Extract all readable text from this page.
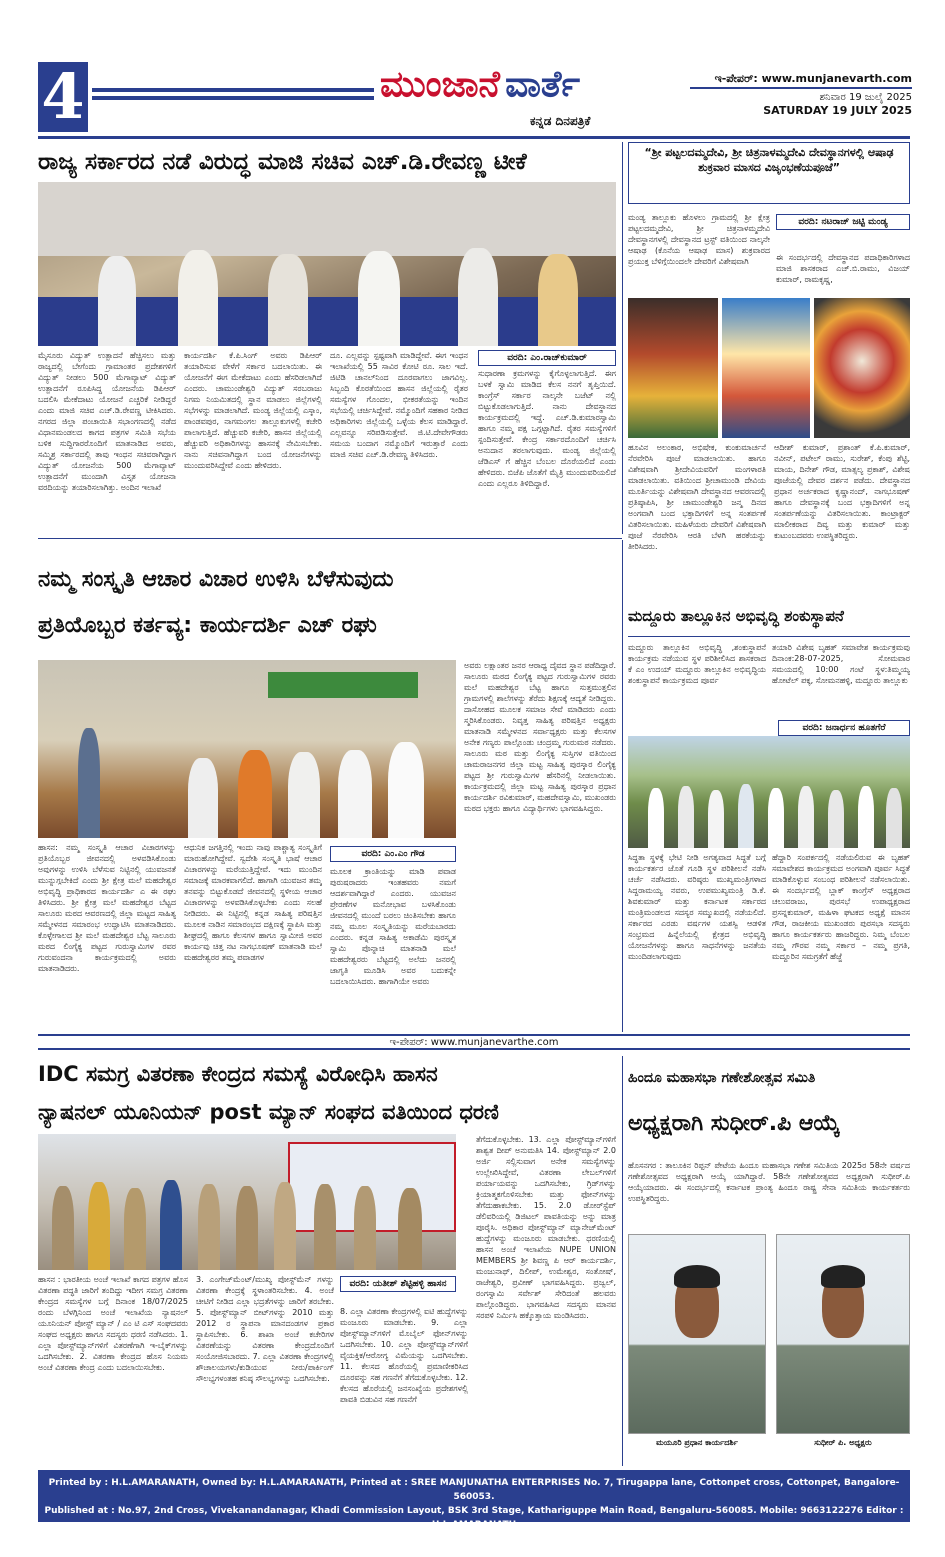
4	ಮುಂಜಾನೆ ವಾರ್ತೆ
ಕನ್ನಡ ದಿನಪತ್ರಿಕೆ
ಇ-ಪೇಪರ್: www.munjanevarth.com
ಶನಿವಾರ 19 ಜುಲೈ 2025
SATURDAY 19 JULY 2025
ರಾಜ್ಯ ಸರ್ಕಾರದ ನಡೆ ವಿರುದ್ಧ ಮಾಜಿ ಸಚಿವ ಎಚ್.ಡಿ.ರೇವಣ್ಣ ಟೀಕೆ
ಮೈಸೂರು ವಿದ್ಯುತ್ ಉತ್ಪಾದನೆ ಹೆಚ್ಚಿಸಲು ಮತ್ತು ರಾಜ್ಯದಲ್ಲಿ ಬೇಗೆಂದು ಗ್ರಾಮಾಂತರ ಪ್ರದೇಶಗಳಿಗೆ ವಿದ್ಯುತ್ ನೀಡಲು 500 ಮೆಗಾವ್ಯಾಟ್ ವಿದ್ಯುತ್ ಉತ್ಪಾದನೆಗೆ ರೂಪಿಸಿದ್ದ ಯೋಜನೆಯ ಡಿಪಿಆರ್ ಬದಲಿಸಿ ಮೇಕೆದಾಟು ಯೋಜನೆ ಎಚ್ಚರಿಕೆ ನೀಡಿದ್ದರೆ ಎಂದು ಮಾಜಿ ಸಚಿವ ಎಚ್.ಡಿ.ರೇವಣ್ಣ ಟೀಕಿಸಿದರು. ನಗರದ ಜಿಲ್ಲಾ ಪಂಚಾಯಿತಿ ಸಭಾಂಗಣದಲ್ಲಿ ನಡೆದ ವಿಧಾನಮಂಡಲದ ಕಾಗದ ಪತ್ರಗಳ ಸಮಿತಿ ಸಭೆಯ ಬಳಿಕ ಸುದ್ದಿಗಾರರೊಂದಿಗೆ ಮಾತನಾಡಿದ ಅವರು, ಸಮ್ಮಿಶ್ರ ಸರ್ಕಾರದಲ್ಲಿ ತಾವು ಇಂಧನ ಸಚಿವರಾಗಿದ್ದಾಗ ವಿದ್ಯುತ್ ಯೋಜನೆಯ 500 ಮೆಗಾವ್ಯಾಟ್ ಉತ್ಪಾದನೆಗೆ ಮುಂದಾಗಿ ವಿಸ್ತೃತ ಯೋಜನಾ ವರದಿಯನ್ನು ತಯಾರಿಸಲಾಗಿತ್ತು. ಅಂದಿನ ಇಲಾಖೆ
ಕಾರ್ಯದರ್ಶಿ ಕೆ.ಪಿ.ಸಿಂಗ್ ಅವರು ಡಿಪಿಆರ್ ತಯಾರಿಸುವ ವೇಳೆಗೆ ಸರ್ಕಾರ ಬದಲಾಯಿತು. ಈ ಯೋಜನೆಗೆ ಈಗ ಮೇಕೆದಾಟು ಎಂದು ಹೆಸರಿಡಲಾಗಿದೆ ಎಂದರು. ಚಾಮುಂಡೇಶ್ವರಿ ವಿದ್ಯುತ್ ಸರಬರಾಜು ನಿಗಮ ನಿಯಮಿತದಲ್ಲಿ ಸ್ಥಾನ ಮಾಡಲು ಜಿಲ್ಲೆಗಳಲ್ಲಿ ಸಭೆಗಳನ್ನು ಮಾಡಲಾಗಿದೆ. ಮಂಡ್ಯ ಜಿಲ್ಲೆಯಲ್ಲಿ ಎಸ್ಕಾಂ, ಪಾಂಡವಪುರ, ನಾಗಮಂಗಲ ತಾಲ್ಲೂಕುಗಳಲ್ಲಿ ಕಚೇರಿ ಪಾಲಾಗುತ್ತಿದೆ. ಹೆಚ್ಚುವರಿ ಕಚೇರಿ, ಹಾಸನ ಜಿಲ್ಲೆಯಲ್ಲಿ ಹೆಚ್ಚುವರಿ ಅಧಿಕಾರಿಗಳನ್ನು ಹಾಸನಕ್ಕೆ ನೇಮಿಸಬೇಕು. ನಾನು ಸಚಿವನಾಗಿದ್ದಾಗ ಬಂದ ಯೋಜನೆಗಳನ್ನು ಮುಂದುವರಿಸಿದ್ದೇವೆ ಎಂದು ಹೇಳಿದರು.
ದೂ. ಎಲ್ಲವನ್ನು ಸ್ಪಷ್ಟವಾಗಿ ಮಾಡಿದ್ದೇವೆ. ಈಗ ಇಂಧನ ಇಲಾಖೆಯಲ್ಲಿ 55 ಸಾವಿರ ಕೋಟಿ ರೂ. ಸಾಲ ಇದೆ. ಜಿಟಿಡಿ ಚಾನಲ್‌ನಿಂದ ದೂರವಾಗಲು ಜಾಗವಿಲ್ಲ. ಸಿಬ್ಬಂದಿ ಕೊರತೆಯಿಂದ ಹಾಸನ ಜಿಲ್ಲೆಯಲ್ಲಿ ರೈತರ ಸಮಸ್ಯೆಗಳ ಗೊಂದಲ, ಭೀಕರತೆಯನ್ನು ಇಂದಿನ ಸಭೆಯಲ್ಲಿ ಚರ್ಚಿಸಿದ್ದೇವೆ. ನಮ್ಮೊಂದಿಗೆ ಸಹಕಾರ ನೀಡಿದ ಅಧಿಕಾರಿಗಳು ಜಿಲ್ಲೆಯಲ್ಲಿ ಒಳ್ಳೆಯ ಕೆಲಸ ಮಾಡಿದ್ದಾರೆ. ಎಲ್ಲವನ್ನೂ ಸರಿಪಡಿಸುತ್ತೇವೆ. ಜಿ.ಟಿ.ದೇವೇಗೌಡರು ಸಮಯ ಬಂದಾಗ ನಮ್ಮೊಂದಿಗೆ ಇರುತ್ತಾರೆ ಎಂದು ಮಾಜಿ ಸಚಿವ ಎಚ್.ಡಿ.ರೇವಣ್ಣ ತಿಳಿಸಿದರು.
ವರದಿ: ಎಂ.ರಾಜ್‌ಕುಮಾರ್
ಸುಧಾರಣಾ ಕ್ರಮಗಳನ್ನು ಕೈಗೊಳ್ಳಲಾಗುತ್ತಿದೆ. ಈಗ ಬಳಕೆ ಸ್ವಾಮಿ ಮಾಡಿದ ಕೆಲಸ ನನಗೆ ತೃಪ್ತಿಯಿದೆ. ಕಾಂಗ್ರೆಸ್ ಸರ್ಕಾರ ನಾಲ್ಕನೇ ಬಜೆಟ್ ನಲ್ಲಿ ಬಿಟ್ಟುಕೊಡಲಾಗುತ್ತಿದೆ. ನಾನು ದೇವಸ್ಥಾನದ ಕಾರ್ಯಕ್ರಮದಲ್ಲಿ ಇದ್ದೆ. ಎಚ್.ಡಿ.ಕುಮಾರಸ್ವಾಮಿ ಹಾಗೂ ನಮ್ಮ ಪಕ್ಷ ಒಗ್ಗಟ್ಟಾಗಿದೆ. ರೈತರ ಸಮಸ್ಯೆಗಳಿಗೆ ಸ್ಪಂದಿಸುತ್ತೇವೆ. ಕೇಂದ್ರ ಸರ್ಕಾರದೊಂದಿಗೆ ಚರ್ಚಿಸಿ ಅನುದಾನ ತರಲಾಗುವುದು. ಮಂಡ್ಯ ಜಿಲ್ಲೆಯಲ್ಲಿ ಜೆಡಿಎಸ್ ಗೆ ಹೆಚ್ಚಿನ ಬೆಂಬಲ ದೊರೆಯಲಿದೆ ಎಂದು ಹೇಳಿದರು. ಬಿಜೆಪಿ ಜೊತೆಗೆ ಮೈತ್ರಿ ಮುಂದುವರಿಯಲಿದೆ ಎಂದು ಎಲ್ಲರೂ ತಿಳಿದಿದ್ದಾರೆ.
“ಶ್ರೀ ಪಟ್ಟಲದಮ್ಮದೇವಿ, ಶ್ರೀ ಚಿತ್ರನಾಳಮ್ಮದೇವಿ ದೇವಸ್ಥಾನಗಳಲ್ಲಿ ಆಷಾಢ ಶುಕ್ರವಾರ ಮಾಸದ ವಿಜೃಂಭಣೆಯಪೂಜೆ”
ಮಂಡ್ಯ ತಾಲ್ಲೂಕು ಹೊಳಲು ಗ್ರಾಮದಲ್ಲಿ ಶ್ರೀ ಕ್ಷೇತ್ರ ಪಟ್ಟಲದಮ್ಮದೇವಿ, ಶ್ರೀ ಚಿತ್ರನಾಳಮ್ಮದೇವಿ ದೇವಸ್ಥಾನಗಳಲ್ಲಿ ದೇವಸ್ಥಾನದ ಟ್ರಸ್ಟ್ ವತಿಯಿಂದ ನಾಲ್ಕನೇ ಆಷಾಢ (ಕೊನೆಯ ಆಷಾಢ ಮಾಸ) ಶುಕ್ರವಾರದ ಪ್ರಯುಕ್ತ ಬೆಳಿಗ್ಗೆಯಿಂದಲೇ ದೇವರಿಗೆ ವಿಶೇಷವಾಗಿ
ವರದಿ: ನಟರಾಜ್ ಜಟ್ಟಿ ಮಂಡ್ಯ
ಈ ಸಂದರ್ಭದಲ್ಲಿ ದೇವಸ್ಥಾನದ ಪದಾಧಿಕಾರಿಗಳಾದ ಮಾಜಿ ಶಾಸಕರಾದ ಎಚ್.ಬಿ.ರಾಮು, ವಿಜಯ್ ಕುಮಾರ್, ರಾಮಕೃಷ್ಣ,
ಹೂವಿನ ಅಲಂಕಾರ, ಅಭಿಷೇಕ, ಕುಂಕುಮಾರ್ಚನೆ ನೆರವೇರಿಸಿ ಪೂಜೆ ಮಾಡಲಾಯಿತು. ಹಾಗೂ ವಿಶೇಷವಾಗಿ ಶ್ರೀದೇವಿಯವರಿಗೆ ಮಂಗಳಾರತಿ ಮಾಡಲಾಯಿತು. ವತಿಯಿಂದ ಶ್ರೀಚಾಮುಂಡಿ ದೇವಿಯ ಮೂರ್ತಿಯನ್ನು ವಿಶೇಷವಾಗಿ ದೇವಸ್ಥಾನದ ಆವರಣದಲ್ಲಿ ಪ್ರತಿಷ್ಠಾಪಿಸಿ, ಶ್ರೀ ಚಾಮುಂಡೇಶ್ವರಿ ಜನ್ಮ ದಿನದ ಅಂಗವಾಗಿ ಬಂದ ಭಕ್ತಾದಿಗಳಿಗೆ ಅನ್ನ ಸಂತರ್ಪಣೆ ವಿತರಿಸಲಾಯಿತು. ಮಹಿಳೆಯರು ದೇವರಿಗೆ ವಿಶೇಷವಾಗಿ ಪೂಜೆ ನೆರವೇರಿಸಿ ಆರತಿ ಬೆಳಗಿ ಹರಕೆಯನ್ನು ತೀರಿಸಿದರು.
ಆದೀಶ್ ಕುಮಾರ್, ಪ್ರಶಾಂತ್ ಕೆ.ಪಿ.ಕುಮಾರ್, ನವೀನ್, ಪಟೇಲ್ ರಾಮು, ಸುರೇಶ್, ಕೆಂಪು ಶೆಟ್ಟಿ, ಮಾಯ, ದಿನೇಶ್ ಗೌಡ, ಮಾತ್ಸಲ್ಯ ಪ್ರಕಾಶ್, ವಿಶೇಷ ಪೂಜೆಯಲ್ಲಿ ದೇವರ ದರ್ಶನ ಪಡೆದು. ದೇವಸ್ಥಾನದ ಪ್ರಧಾನ ಅರ್ಚಕರಾದ ಕೃಷ್ಣಾನಂದ್, ನಾಗಭೂಷಣ್ ಹಾಗೂ ದೇವಸ್ಥಾನಕ್ಕೆ ಬಂದ ಭಕ್ತಾದಿಗಳಿಗೆ ಅನ್ನ ಸಂತರ್ಪಣೆಯನ್ನು ವಿತರಿಸಲಾಯಿತು. ಕಾಂಟ್ರಾಕ್ಟರ್ ಮಾಲೀಕರಾದ ದಿವ್ಯ ಮತ್ತು ಕುಮಾರ್ ಮತ್ತು ಕುಟುಂಬದವರು ಉಪಸ್ಥಿತರಿದ್ದರು.
ನಮ್ಮ ಸಂಸ್ಕೃತಿ ಆಚಾರ ವಿಚಾರ ಉಳಿಸಿ ಬೆಳೆಸುವುದು
ಪ್ರತಿಯೊಬ್ಬರ ಕರ್ತವ್ಯ: ಕಾರ್ಯದರ್ಶಿ ಎಚ್ ರಘು
ಹಾಸನ: ನಮ್ಮ ಸಂಸ್ಕೃತಿ ಆಚಾರ ವಿಚಾರಗಳನ್ನು ಪ್ರತಿಯೊಬ್ಬರ ಜೀವನದಲ್ಲಿ ಅಳವಡಿಸಿಕೊಂಡು ಅವುಗಳನ್ನು ಉಳಿಸಿ ಬೆಳೆಸುವ ನಿಟ್ಟಿನಲ್ಲಿ ಯುವಜನತೆ ಮುನ್ನುಗ್ಗಬೇಕಿದೆ ಎಂದು ಶ್ರೀ ಕ್ಷೇತ್ರ ಮಲೆ ಮಹದೇಶ್ವರ ಅಭಿವೃದ್ಧಿ ಪ್ರಾಧಿಕಾರದ ಕಾರ್ಯದರ್ಶಿ ಎ ಈ ರಘು ತಿಳಿಸಿದರು. ಶ್ರೀ ಕ್ಷೇತ್ರ ಮಲೆ ಮಹದೇಶ್ವರ ಬೆಟ್ಟದ ಸಾಲೂರು ಮಠದ ಆವರಣದಲ್ಲಿ ಜಿಲ್ಲಾ ಮಟ್ಟದ ಸಾಹಿತ್ಯ ಸಮ್ಮೇಳನದ ಸಮಾರಂಭ ಉದ್ಘಾಟಿಸಿ ಮಾತನಾಡಿದರು. ಕೊಳ್ಳೇಗಾಲದ ಶ್ರೀ ಮಲೆ ಮಹದೇಶ್ವರ ಬೆಟ್ಟ ಸಾಲೂರು ಮಠದ ಲಿಂಗೈಕ್ಯ ಪಟ್ಟದ ಗುರುಸ್ವಾಮಿಗಳ ರವರ ಗುರುವಂದನಾ ಕಾರ್ಯಕ್ರಮದಲ್ಲಿ ಅವರು ಮಾತನಾಡಿದರು.
ಆಧುನಿಕ ಜಗತ್ತಿನಲ್ಲಿ ಇಂದು ನಾವು ಪಾಶ್ಚಾತ್ಯ ಸಂಸ್ಕೃತಿಗೆ ಮಾರುಹೋಗಿದ್ದೇವೆ. ಸ್ವದೇಶಿ ಸಂಸ್ಕೃತಿ ಭಾಷೆ ಆಚಾರ ವಿಚಾರಗಳನ್ನು ಮರೆಯುತ್ತಿದ್ದೇವೆ. ಇದು ಮುಂದಿನ ಸಮಾಜಕ್ಕೆ ಮಾರಕವಾಗಲಿದೆ. ಹಾಗಾಗಿ ಯುವಜನ ತಮ್ಮ ತನವನ್ನು ಬಿಟ್ಟುಕೊಡದೆ ಜೀವನದಲ್ಲಿ ಸ್ಥಳೀಯ ಆಚಾರ ವಿಚಾರಗಳನ್ನು ಅಳವಡಿಸಿಕೊಳ್ಳಬೇಕು ಎಂದು ಸಲಹೆ ನೀಡಿದರು. ಈ ನಿಟ್ಟಿನಲ್ಲಿ ಕನ್ನಡ ಸಾಹಿತ್ಯ ಪರಿಷತ್ತಿನ ಮೂಲಕ ನಾಡಿನ ಸಮಾರಂಭದ ದಕ್ಷಿಣಕ್ಕೆ ಸ್ಥಾಪಿಸಿ ಮತ್ತು ಶೀಘ್ರದಲ್ಲಿ ಹಾಗೂ ಕೆಲಸಗಳ ಹಾಗೂ ಸ್ವಾಮೀಜಿ ಅವರ ಕಾರ್ಯವು ಚಿತ್ತ ನಟ ನಾಗಭೂಷಣ್ ಮಾತನಾಡಿ ಮಲೆ ಮಹದೇಶ್ವರರ ತಮ್ಮ ಪವಾಡಗಳ
ವರದಿ: ಎಂ.ಎಂ ಗೌಡ
ಮೂಲಕ ಕ್ರಾಂತಿಯನ್ನು ಮಾಡಿ ಪವಾಡ ಪುರುಷರಾದರು ಇಂತಹವರು ನಮಗೆ ಆದರ್ಶವಾಗಿದ್ದಾರೆ ಎಂದರು. ಯುವಜನ ಪ್ರೇರಣೆಗಳ ಮನೋಭಾವ ಬಳಸಿಕೊಂಡು ಜೀವನದಲ್ಲಿ ಮುಂದೆ ಬರಲು ಚಿಂತಿಸಬೇಕು ಹಾಗೂ ನಮ್ಮ ಮೂಲ ಸಂಸ್ಕೃತಿಯನ್ನು ಮರೆಯಬಾರದು ಎಂದರು. ಕನ್ನಡ ಸಾಹಿತ್ಯ ಅಕಾಡೆಮಿ ಪುರಸ್ಕೃತ ಸ್ವಾಮಿ ಪೊನ್ನಾಚಿ ಮಾತನಾಡಿ ಮಲೆ ಮಹದೇಶ್ವರರು ಬೆಟ್ಟದಲ್ಲಿ ಅಲೆದು ಜನರಲ್ಲಿ ಜಾಗೃತಿ ಮೂಡಿಸಿ ಅವರ ಬದುಕನ್ನೇ ಬದಲಾಯಿಸಿದರು. ಹಾಗಾಗಿಯೇ ಅವರು
ಅವರು ಲಕ್ಷಾಂತರ ಜನರ ಆರಾಧ್ಯ ದೈವದ ಸ್ಥಾನ ಪಡೆದಿದ್ದಾರೆ. ಸಾಲೂರು ಮಠದ ಲಿಂಗೈಕ್ಯ ಪಟ್ಟದ ಗುರುಸ್ವಾಮಿಗಳ ರವರು ಮಲೆ ಮಹದೇಶ್ವರ ಬೆಟ್ಟ ಹಾಗೂ ಸುತ್ತಮುತ್ತಲಿನ ಗ್ರಾಮಗಳಲ್ಲಿ ಶಾಲೆಗಳನ್ನು ತೆರೆದು ಶಿಕ್ಷಣಕ್ಕೆ ಆದ್ಯತೆ ನೀಡಿದ್ದರು. ದಾಸೋಹದ ಮೂಲಕ ಸಮಾಜ ಸೇವೆ ಮಾಡಿದರು ಎಂದು ಸ್ಮರಿಸಿಕೊಂಡರು. ನಿವೃತ್ತ ಸಾಹಿತ್ಯ ಪರಿಷತ್ತಿನ ಅಧ್ಯಕ್ಷರು ಮಾತನಾಡಿ ಸಮ್ಮೇಳನದ ಸರ್ವಾಧ್ಯಕ್ಷರು ಮತ್ತು ಕೆಲಸಗಳ ಅನೇಕ ಗಣ್ಯರು ಪಾಲ್ಗೊಂಡು ಚಂದ್ರಮ್ಮ ಗುರುಮಠ ನಡೆದರು. ಸಾಲೂರು ಮಠ ಮತ್ತು ಲಿಂಗೈಕ್ಯ ಸುಸ್ತಿಗಳ ವತಿಯಿಂದ ಚಾಮರಾಜನಗರ ಜಿಲ್ಲಾ ಮಟ್ಟ ಸಾಹಿತ್ಯ ಪುರಸ್ಕಾರ ಲಿಂಗೈಕ್ಯ ಪಟ್ಟದ ಶ್ರೀ ಗುರುಸ್ವಾಮಿಗಳ ಹೆಸರಿನಲ್ಲಿ ನೀಡಲಾಯಿತು. ಕಾರ್ಯಕ್ರಮದಲ್ಲಿ ಜಿಲ್ಲಾ ಮಟ್ಟ ಸಾಹಿತ್ಯ ಪುರಸ್ಕಾರ ಪ್ರಧಾನ ಕಾರ್ಯದರ್ಶಿ ರವಿಕುಮಾರ್, ಮಹದೇವಸ್ವಾಮಿ, ಮುಖಂಡರು ಮಠದ ಭಕ್ತರು ಹಾಗೂ ವಿದ್ಯಾರ್ಥಿಗಳು ಭಾಗವಹಿಸಿದ್ದರು.
ಮದ್ದೂರು ತಾಲ್ಲೂಕಿನ ಅಭಿವೃದ್ಧಿ ಶಂಕುಸ್ಥಾಪನೆ
ಮದ್ದೂರು ತಾಲ್ಲೂಕಿನ ಅಭಿವೃದ್ಧಿ ,ಶಂಕುಸ್ಥಾಪನೆ ಕಾರ್ಯಕ್ರಮ ನಡೆಯುವ ಸ್ಥಳ ಪರಿಶೀಲಿಸಿದ ಶಾಸಕರಾದ ಕೆ ಎಂ ಉದಯ್ ಮದ್ದೂರು ತಾಲ್ಲೂಕಿನ ಅಭಿವೃದ್ಧಿಯ ಶಂಕುಸ್ಥಾಪನೆ ಕಾರ್ಯಕ್ರಮದ ಪೂರ್ವ
ತಯಾರಿ ವಿಶೇಷ ಬೃಹತ್ ಸಮಾವೇಶ ಕಾರ್ಯಕ್ರಮವು ದಿನಾಂಕ:28-07-2025, ಸೋಮವಾರ ಸಮಯದಲ್ಲಿ 10:00 ಗಂಟೆ ಸ್ಥಳ:ತಿಮ್ಮಯ್ಯ ಹೋಟೆಲ್ ಪಕ್ಕ, ಸೋಮನಹಳ್ಳಿ, ಮದ್ದೂರು ತಾಲ್ಲೂಕು
ವರದಿ: ಜನಾರ್ಧನ ಹೂತಗೆರೆ
ಸಿದ್ಧತಾ ಸ್ಥಳಕ್ಕೆ ಭೇಟಿ ನೀಡಿ ಅಗತ್ಯವಾದ ಸಿದ್ಧತೆ ಬಗ್ಗೆ ಕಾರ್ಯಕರ್ತರ ಜೊತೆ ಗೂಡಿ ಸ್ಥಳ ಪರಿಶೀಲನೆ ನಡೆಸಿ ಚರ್ಚೆ ನಡೆಸಿದರು. ವರಿಷ್ಠರು ಮುಖ್ಯಮಂತ್ರಿಗಳಾದ ಸಿದ್ದರಾಮಯ್ಯ ನವರು, ಉಪಮುಖ್ಯಮಂತ್ರಿ ಡಿ.ಕೆ. ಶಿವಕುಮಾರ್ ಮತ್ತು ಕರ್ನಾಟಕ ಸರ್ಕಾರದ ಮಂತ್ರಿಮಂಡಲದ ಸದಸ್ಯರ ಸಮ್ಮುಖದಲ್ಲಿ ನಡೆಯಲಿದೆ. ಸರ್ಕಾರದ ಎರಡು ವರ್ಷಗಳ ಯಶಸ್ವಿ ಆಡಳಿತ ಸಂಭ್ರಮದ ಹಿನ್ನೆಲೆಯಲ್ಲಿ ಕ್ಷೇತ್ರದ ಅಭಿವೃದ್ಧಿ ಯೋಜನೆಗಳನ್ನು ಹಾಗೂ ಸಾಧನೆಗಳನ್ನು ಜನತೆಯ ಮುಂದಿಡಲಾಗುವುದು
ಹೆದ್ದಾರಿ ಸಂಪರ್ಕದಲ್ಲಿ ನಡೆಯಲಿರುವ ಈ ಬೃಹತ್ ಸಮಾವೇಶದ ಕಾರ್ಯಕ್ರಮದ ಅಂಗವಾಗಿ ಪೂರ್ವ ಸಿದ್ಧತೆ ಮಾಡಿಕೊಳ್ಳುವ ಸಂಬಂಧ ಪರಿಶೀಲನೆ ನಡೆಸಲಾಯಿತು. ಈ ಸಂದರ್ಭದಲ್ಲಿ ಬ್ಲಾಕ್ ಕಾಂಗ್ರೆಸ್ ಅಧ್ಯಕ್ಷರಾದ ಚಲುವರಾಜು, ಪುರಸಭೆ ಉಪಾಧ್ಯಕ್ಷರಾದ ಪ್ರಸನ್ನಕುಮಾರ್, ಮಹಿಳಾ ಘಟಕದ ಅಧ್ಯಕ್ಷೆ ಮಾನಸ ಗೌಡ, ರಾಜಕೀಯ ಮುಖಂಡರು ಪುರಸಭಾ ಸದಸ್ಯರು ಹಾಗೂ ಕಾರ್ಯಕರ್ತರು ಹಾಜರಿದ್ದರು. ನಿಮ್ಮ ಬೆಂಬಲ ನಮ್ಮ ಗೌರವ ನಮ್ಮ ಸರ್ಕಾರ – ನಮ್ಮ ಪ್ರಗತಿ, ಮದ್ದೂರಿನ ಸಮಗ್ರತೆಗೆ ಹೆಜ್ಜೆ
ಇ-ಪೇಪರ್: www.munjanevarthe.com
IDC ಸಮಗ್ರ ವಿತರಣಾ ಕೇಂದ್ರದ ಸಮಸ್ಯೆ ವಿರೋಧಿಸಿ ಹಾಸನ
ನ್ಯಾಷನಲ್ ಯೂನಿಯನ್ post ಮ್ಯಾನ್ ಸಂಘದ ವತಿಯಿಂದ ಧರಣಿ
ಹಾಸನ : ಭಾರತೀಯ ಅಂಚೆ ಇಲಾಖೆ ಕಾಗದ ಪತ್ರಗಳ ಹೊಸ ವಿತರಣಾ ಪದ್ಧತಿ ಜಾರಿಗೆ ತಂದಿದ್ದು ಇದೀಗ ಸಮಗ್ರ ವಿತರಣಾ ಕೇಂದ್ರದ ಸಮಸ್ಯೆಗಳ ಬಗ್ಗೆ ದಿನಾಂಕ 18/07/2025 ರಂದು ಬೆಳಗ್ಗಿನಿಂದ ಅಂಚೆ ಇಲಾಖೆಯ ನ್ಯಾಷನಲ್ ಯೂನಿಯನ್ ಪೋಸ್ಟ್ ಮ್ಯಾನ್ / ಎಂ ಟಿ ಎಸ್ ಸಂಘದವರು ಸಂಘದ ಅಧ್ಯಕ್ಷರು ಹಾಗೂ ಸದಸ್ಯರು ಧರಣಿ ನಡೆಸಿದರು. 1. ಎಲ್ಲಾ ಪೋಸ್ಟ್‌ಮ್ಯಾನ್‌ಗಳಿಗೆ ವಿತರಣೆಗಾಗಿ ಇ-ಬೈಕ್‌ಗಳನ್ನು ಒದಗಿಸಬೇಕು. 2. ವಿತರಣಾ ಕೇಂದ್ರದ ಹೊಸ ನಿಯಮ ಅಂಚೆ ವಿತರಣಾ ಕೇಂದ್ರ ಎಂದು ಬದಲಾಯಿಸಬೇಕು.
3. ಎಂಗೇಜ್‌ಮೆಂಟ್/ಮುಖ್ಯ ಪೋಸ್ಟ್‌ಮೆನ್ ಗಳನ್ನು ವಿತರಣಾ ಕೇಂದ್ರಕ್ಕೆ ಸ್ಥಳಾಂತರಿಸಬೇಕು. 4. ಅಂಚೆ ಚೀಟಿಗೆ ನೀಡಿದ ಎಲ್ಲಾ ಭದ್ರತೆಗಳನ್ನು ಜಾರಿಗೆ ತರಬೇಕು. 5. ಪೋಸ್ಟ್‌ಮ್ಯಾನ್ ಬೀಟ್‌ಗಳನ್ನು 2010 ಮತ್ತು 2012 ರ ಸ್ಥಾಪನಾ ಮಾನದಂಡಗಳ ಪ್ರಕಾರ ಸ್ಥಾಪಿಸಬೇಕು. 6. ಶಾಖಾ ಅಂಚೆ ಕಚೇರಿಗಳ ವಿತರಣೆಯನ್ನು ವಿತರಣಾ ಕೇಂದ್ರದೊಂದಿಗೆ ಸಂಯೋಜಿಸಬಾರದು. 7. ಎಲ್ಲಾ ವಿತರಣಾ ಕೇಂದ್ರಗಳಲ್ಲಿ ಶೌಚಾಲಯಗಳು/ಕುಡಿಯುವ ನೀರು/ಪಾರ್ಕಿಂಗ್ ಸೌಲಭ್ಯಗಳಂತಹ ಕನಿಷ್ಠ ಸೌಲಭ್ಯಗಳನ್ನು ಒದಗಿಸಬೇಕು.
ವರದಿ: ಯತೀಶ್ ಶೆಟ್ಟಿಹಳ್ಳಿ ಹಾಸನ
8. ಎಲ್ಲಾ ವಿತರಣಾ ಕೇಂದ್ರಗಳಲ್ಲಿ ಐಟಿ ಹುದ್ದೆಗಳನ್ನು ಮಂಜೂರು ಮಾಡಬೇಕು. 9. ಎಲ್ಲಾ ಪೋಸ್ಟ್‌ಮ್ಯಾನ್‌ಗಳಿಗೆ ಮೊಬೈಲ್ ಫೋನ್‌ಗಳನ್ನು ಒದಗಿಸಬೇಕು. 10. ಎಲ್ಲಾ ಪೋಸ್ಟ್‌ಮ್ಯಾನ್‌ಗಳಿಗೆ ವೈಯಕ್ತಿಕ/ಆರೋಗ್ಯ ವಿಮೆಯನ್ನು ಒದಗಿಸಬೇಕು. 11. ಕೆಲಸದ ಹೊರೆಯಲ್ಲಿ ಪ್ರಮಾಣೀಕರಿಸಿದ ದೂರವನ್ನು ಸಹ ಗಣನೆಗೆ ತೆಗೆದುಕೊಳ್ಳಬೇಕು. 12. ಕೆಲಸದ ಹೊರೆಯಲ್ಲಿ ಜನಸಂಖ್ಯೆಯ ಪ್ರದೇಶಗಳಲ್ಲಿ ಪಾವತಿ ಬಿಡುವಿನ ಸಹ ಗಣನೆಗೆ
ತೆಗೆದುಕೊಳ್ಳಬೇಕು. 13. ಎಲ್ಲಾ ಪೋಸ್ಟ್‌ಮ್ಯಾನ್‌ಗಳಿಗೆ ಶಾಶ್ವತ ದೀಪ್ ಅನುಮತಿಸಿ 14. ಪೋಸ್ಟ್‌ಮ್ಯಾನ್ 2.0 ಅರ್ಜಿ ಸಲ್ಲಿಸುವಾಗ ಅನೇಕ ಸಮಸ್ಯೆಗಳನ್ನು ಉಲ್ಲೇಖಿಸಿದ್ದೇವೆ, ವಿತರಣಾ ಲೇಬಲ್‌ಗಳಿಗೆ ಪರ್ಯಾಯವನ್ನು ಒದಗಿಸಬೇಕು, ಗ್ರಿಡ್‌ಗಳನ್ನು ಕ್ರಿಯಾತ್ಮಕಗೊಳಿಸಬೇಕು ಮತ್ತು ಫೋನ್‌ಗಳನ್ನು ತೆಗೆದುಹಾಕಬೇಕು. 15. 2.0 ಡೋರ್‌ಸ್ಟೆಪ್ ಡೆಲಿವರಿಯಲ್ಲಿ ಡಿಜಿಟಲ್ ಪಾವತಿಯನ್ನು ಅನ್ನು ಮಾತ್ರ ಪೂರೈಸಿ. ಅಧಿಕಾರ ಪೋಸ್ಟ್‌ಮ್ಯಾನ್ ಮ್ಯಾನೇಜ್‌ಮೆಂಟ್ ಹುದ್ದೆಗಳನ್ನು ಮಂಜೂರು ಮಾಡಬೇಕು. ಧರಣಿಯಲ್ಲಿ ಹಾಸನ ಅಂಚೆ ಇಲಾಖೆಯ NUPE UNION MEMBERS ಶ್ರೀ ಶಿವಣ್ಣ ಪಿ ಆರ್ ಕಾರ್ಯದರ್ಶಿ, ಮಂಜುನಾಥ್, ದಿಲೀಪ್, ಉಮೇಶ್ವರ, ಸಂತೋಷ್, ರಾಜೇಶ್ವರಿ, ಪ್ರವೀಣ್ ಭಾಗವಹಿಸಿದ್ದರು. ಪ್ರಜ್ವಲ್, ರಂಗಸ್ವಾಮಿ ಸರ್ವೇಶ್ ಸೇರಿದಂತೆ ಹಲವರು ಪಾಲ್ಗೊಂಡಿದ್ದರು. ಭಾಗವಹಿಸಿದ ಸದಸ್ಯರು ಮಾನವ ಸರಪಳಿ ನಿರ್ಮಿಸಿ ಹಕ್ಕೊತ್ತಾಯ ಮಂಡಿಸಿದರು.
ಹಿಂದೂ ಮಹಾಸಭಾ ಗಣೇಶೋತ್ಸವ ಸಮಿತಿ
ಅಧ್ಯಕ್ಷರಾಗಿ ಸುಧೀರ್.ಪಿ ಆಯ್ಕೆ
ಹೊಸನಗರ : ತಾಲೂಕಿನ ರಿಪ್ಪನ್ ಪೇಟೆಯ ಹಿಂದೂ ಮಹಾಸಭಾ ಗಣೇಶ ಸಮಿತಿಯ 2025ರ 58ನೇ ವರ್ಷದ ಗಣೇಶೋತ್ಸವದ ಅಧ್ಯಕ್ಷರಾಗಿ ಆಯ್ಕೆ ಯಾಗಿದ್ದಾರೆ. 58ನೇ ಗಣೇಶೋತ್ಸವದ ಅಧ್ಯಕ್ಷರಾಗಿ ಸುಧೀರ್.ಪಿ ಆಯ್ಕೆಯಾದರು. ಈ ಸಂದರ್ಭದಲ್ಲಿ ಕರ್ನಾಟಕ ಪ್ರಾಂತ್ಯ ಹಿಂದೂ ರಾಷ್ಟ್ರ ಸೇನಾ ಸಮಿತಿಯ ಕಾರ್ಯಕರ್ತರು ಉಪಸ್ಥಿತರಿದ್ದರು.
ಮಯೂರಿ ಪ್ರಧಾನ ಕಾರ್ಯದರ್ಶಿ	ಸುಧೀರ್ ಪಿ. ಅಧ್ಯಕ್ಷರು
Printed by : H.L.AMARANATH, Owned by: H.L.AMARANATH, Printed at : SREE MANJUNATHA ENTERPRISES No. 7, Tirugappa lane, Cottonpet cross, Cottonpet, Bangalore-560053.
Published at : No.97, 2nd Cross, Vivekanandanagar, Khadi Commission Layout, BSK 3rd Stage, Kathariguppe Main Road, Bengaluru-560085. Mobile: 9663122276 Editor : H.L.AMARANATH
